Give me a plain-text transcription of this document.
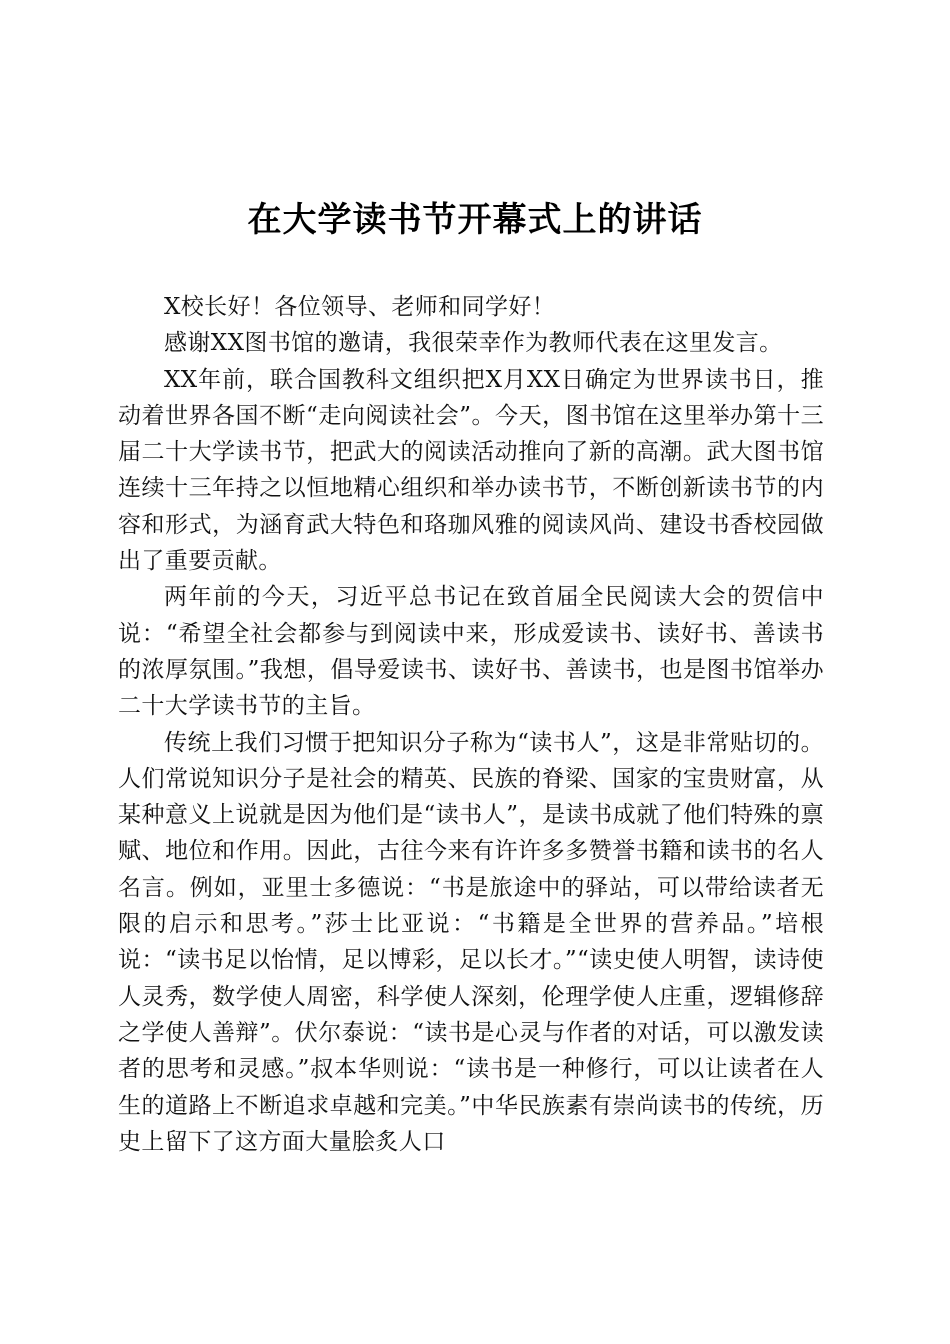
在大学读书节开幕式上的讲话

X校长好！各位领导、老师和同学好！

感谢XX图书馆的邀请，我很荣幸作为教师代表在这里发言。

XX年前，联合国教科文组织把X月XX日确定为世界读书日，推动着世界各国不断“走向阅读社会”。今天，图书馆在这里举办第十三届二十大学读书节，把武大的阅读活动推向了新的高潮。武大图书馆连续十三年持之以恒地精心组织和举办读书节，不断创新读书节的内容和形式，为涵育武大特色和珞珈风雅的阅读风尚、建设书香校园做出了重要贡献。

两年前的今天，习近平总书记在致首届全民阅读大会的贺信中说：“希望全社会都参与到阅读中来，形成爱读书、读好书、善读书的浓厚氛围。”我想，倡导爱读书、读好书、善读书，也是图书馆举办二十大学读书节的主旨。

传统上我们习惯于把知识分子称为“读书人”，这是非常贴切的。人们常说知识分子是社会的精英、民族的脊梁、国家的宝贵财富，从某种意义上说就是因为他们是“读书人”，是读书成就了他们特殊的禀赋、地位和作用。因此，古往今来有许许多多赞誉书籍和读书的名人名言。例如，亚里士多德说：“书是旅途中的驿站，可以带给读者无限的启示和思考。”莎士比亚说：“书籍是全世界的营养品。”培根说：“读书足以怡情，足以博彩，足以长才。”“读史使人明智，读诗使人灵秀，数学使人周密，科学使人深刻，伦理学使人庄重，逻辑修辞之学使人善辩”。伏尔泰说：“读书是心灵与作者的对话，可以激发读者的思考和灵感。”叔本华则说：“读书是一种修行，可以让读者在人生的道路上不断追求卓越和完美。”中华民族素有崇尚读书的传统，历史上留下了这方面大量脍炙人口
